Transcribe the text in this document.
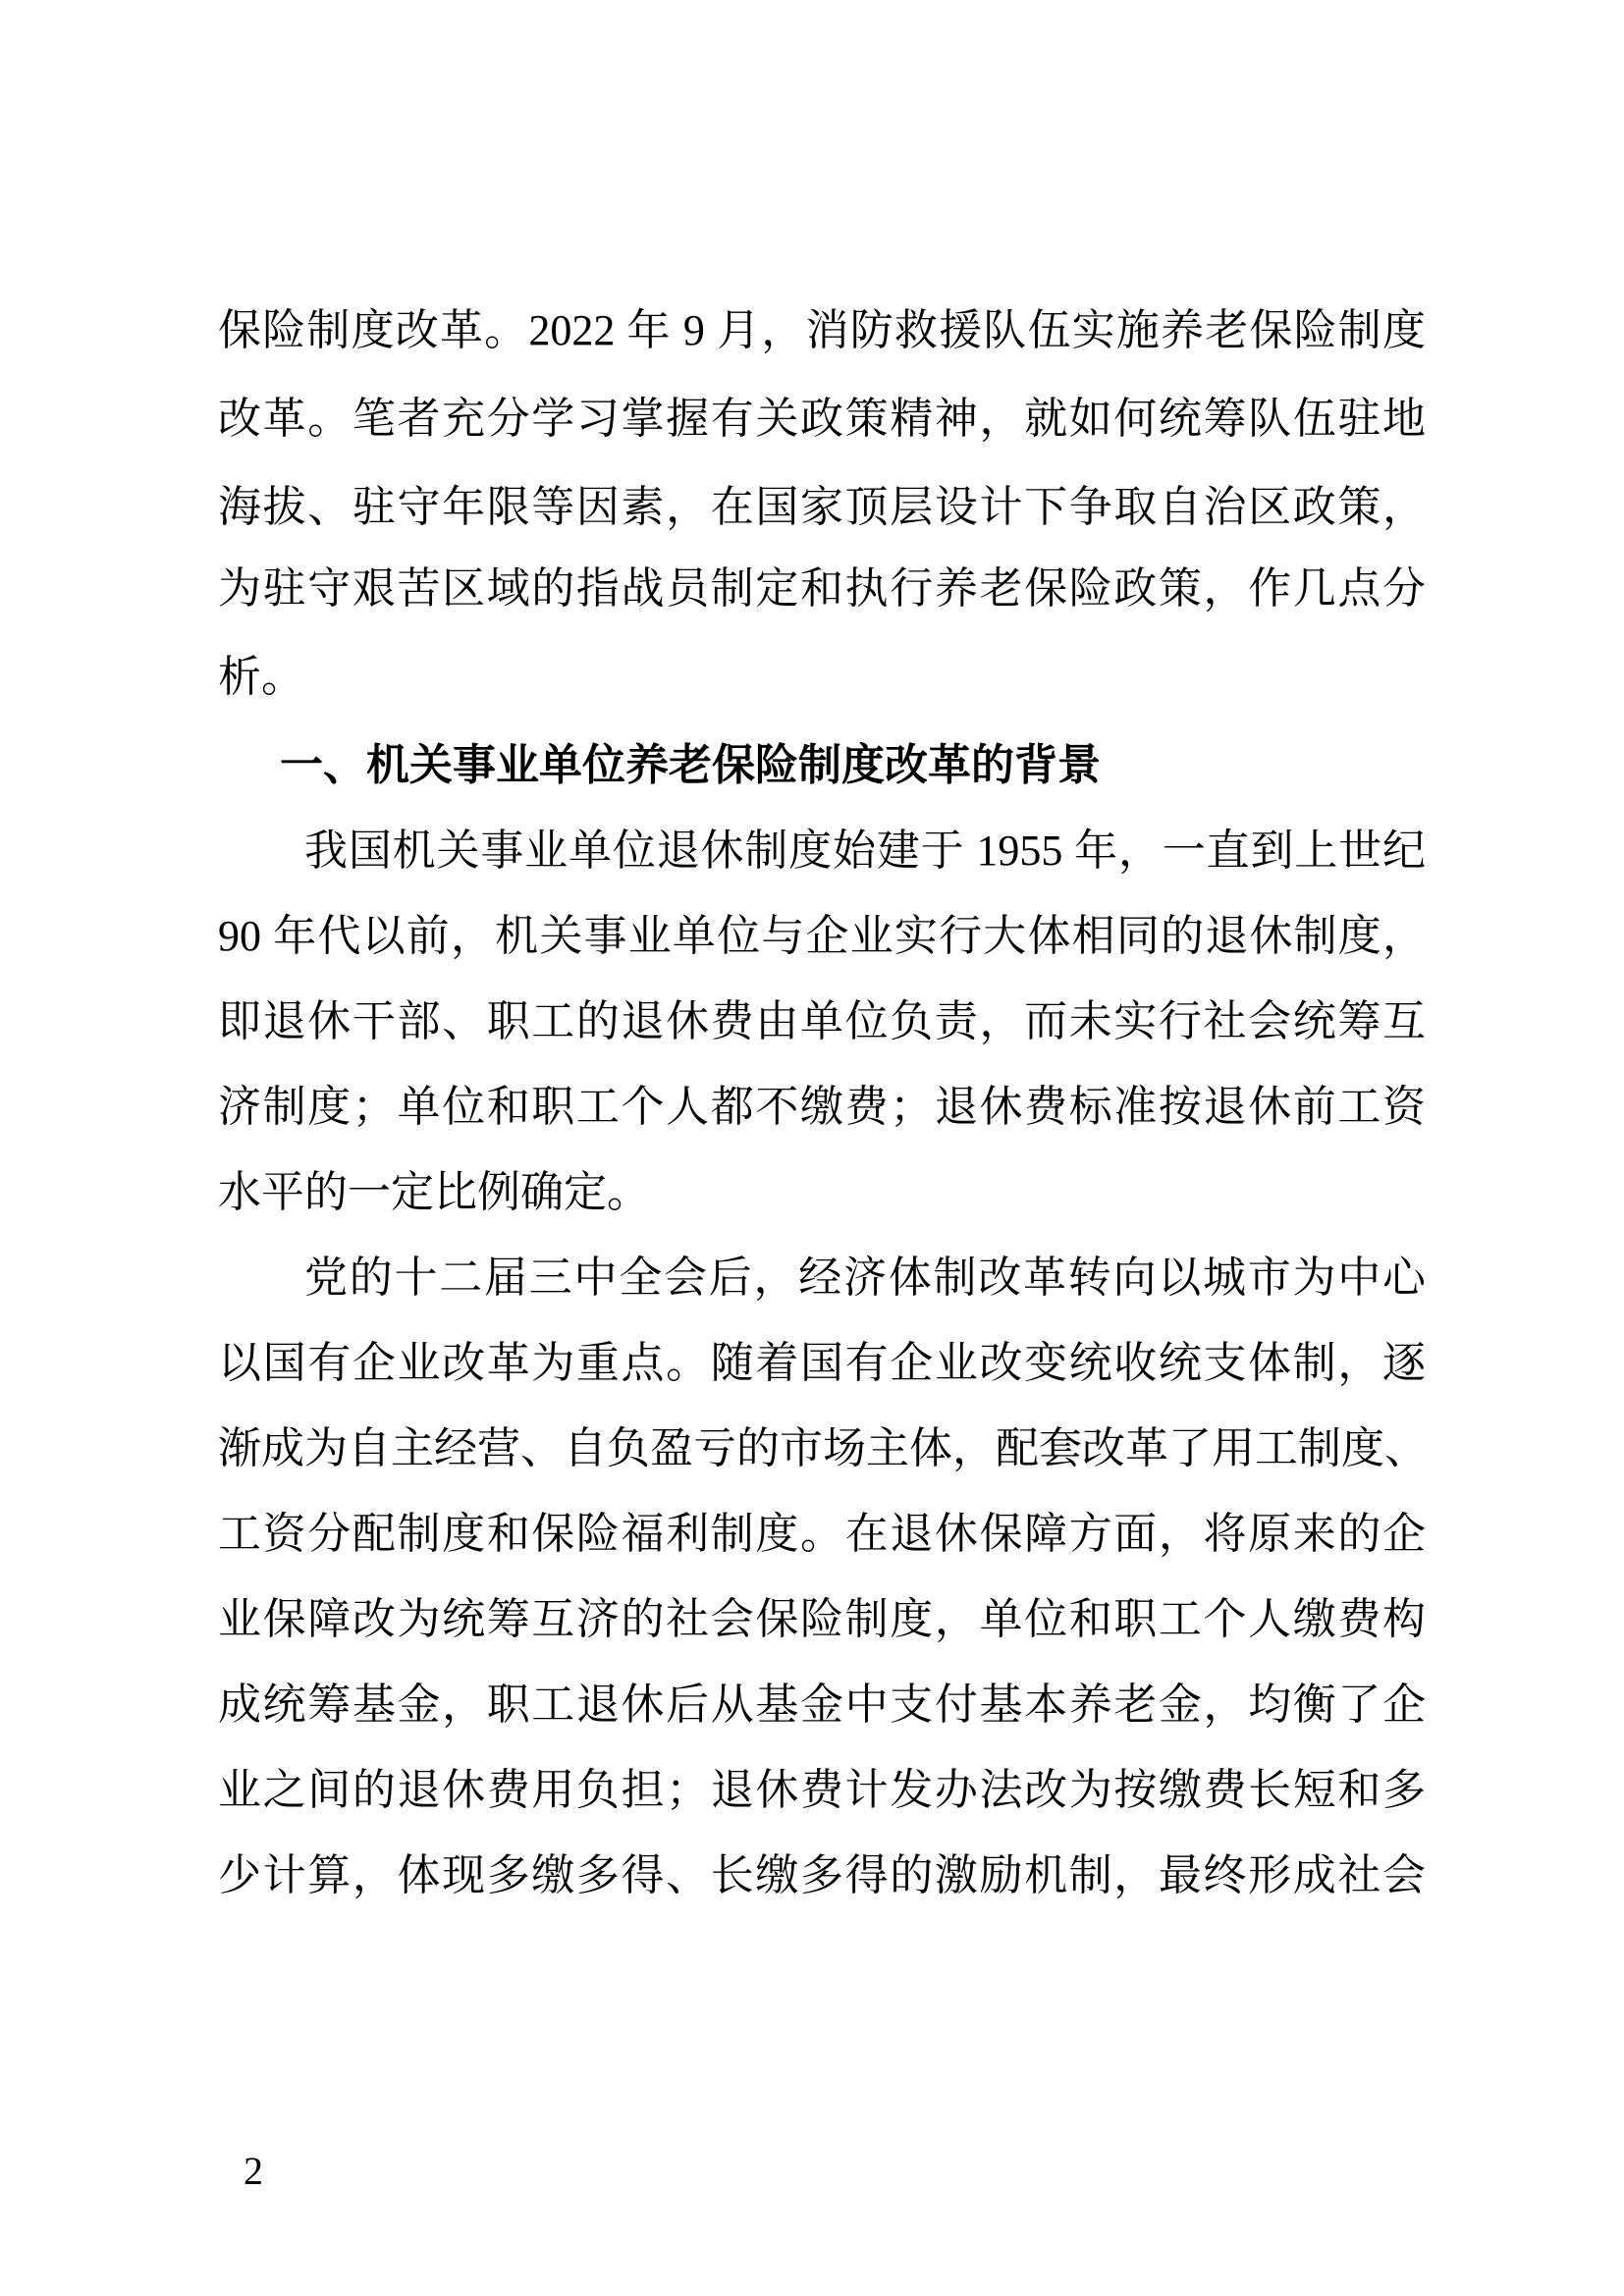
保险制度改革。2022 年 9 月，消防救援队伍实施养老保险制度
改革。笔者充分学习掌握有关政策精神，就如何统筹队伍驻地
海拔、驻守年限等因素，在国家顶层设计下争取自治区政策，
为驻守艰苦区域的指战员制定和执行养老保险政策，作几点分
析。
一、机关事业单位养老保险制度改革的背景
我国机关事业单位退休制度始建于 1955 年，一直到上世纪
90 年代以前，机关事业单位与企业实行大体相同的退休制度，
即退休干部、职工的退休费由单位负责，而未实行社会统筹互
济制度；单位和职工个人都不缴费；退休费标准按退休前工资
水平的一定比例确定。
党的十二届三中全会后，经济体制改革转向以城市为中心
以国有企业改革为重点。随着国有企业改变统收统支体制，逐
渐成为自主经营、自负盈亏的市场主体，配套改革了用工制度、
工资分配制度和保险福利制度。在退休保障方面，将原来的企
业保障改为统筹互济的社会保险制度，单位和职工个人缴费构
成统筹基金，职工退休后从基金中支付基本养老金，均衡了企
业之间的退休费用负担；退休费计发办法改为按缴费长短和多
少计算，体现多缴多得、长缴多得的激励机制，最终形成社会
2
